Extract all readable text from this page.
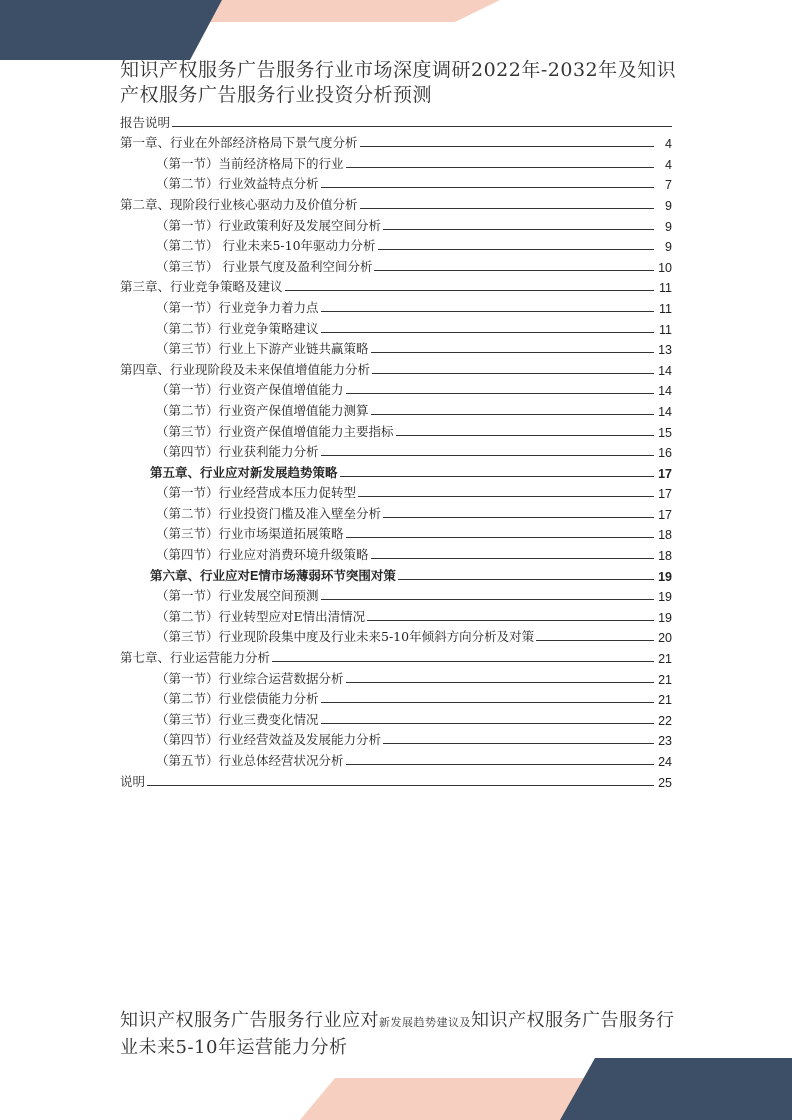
知识产权服务广告服务行业市场深度调研2022年-2032年及知识产权服务广告服务行业投资分析预测
报告说明
第一章、行业在外部经济格局下景气度分析	4
（第一节）当前经济格局下的行业	4
（第二节）行业效益特点分析	7
第二章、现阶段行业核心驱动力及价值分析	9
（第一节）行业政策利好及发展空间分析	9
（第二节） 行业未来5-10年驱动力分析	9
（第三节） 行业景气度及盈利空间分析	10
第三章、行业竞争策略及建议	11
（第一节）行业竞争力着力点	11
（第二节）行业竞争策略建议	11
（第三节）行业上下游产业链共赢策略	13
第四章、行业现阶段及未来保值增值能力分析	14
（第一节）行业资产保值增值能力	14
（第二节）行业资产保值增值能力测算	14
（第三节）行业资产保值增值能力主要指标	15
（第四节）行业获利能力分析	16
第五章、行业应对新发展趋势策略	17
（第一节）行业经营成本压力促转型	17
（第二节）行业投资门槛及准入壁垒分析	17
（第三节）行业市场渠道拓展策略	18
（第四节）行业应对消费环境升级策略	18
第六章、行业应对E情市场薄弱环节突围对策	19
（第一节）行业发展空间预测	19
（第二节）行业转型应对E情出清情况	19
（第三节）行业现阶段集中度及行业未来5-10年倾斜方向分析及对策	20
第七章、行业运营能力分析	21
（第一节）行业综合运营数据分析	21
（第二节）行业偿债能力分析	21
（第三节）行业三费变化情况	22
（第四节）行业经营效益及发展能力分析	23
（第五节）行业总体经营状况分析	24
说明	25
知识产权服务广告服务行业应对新发展趋势建议及知识产权服务广告服务行业未来5-10年运营能力分析
